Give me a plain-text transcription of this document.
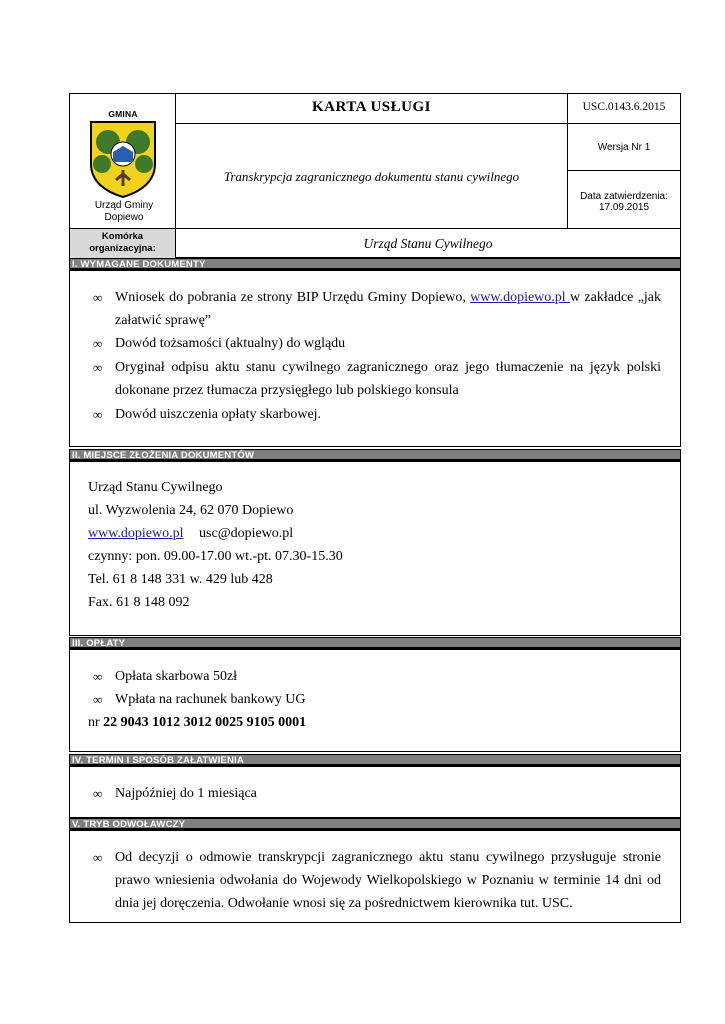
GMINA
Urząd Gminy Dopiewo
KARTA USŁUGI	USC.0143.6.2015
Transkrypcja zagranicznego dokumentu stanu cywilnego
Wersja Nr 1
Data zatwierdzenia:
17.09.2015
Komórka organizacyjna:	Urząd Stanu Cywilnego
I. WYMAGANE DOKUMENTY
∞ Wniosek do pobrania ze strony BIP Urzędu Gminy Dopiewo, www.dopiewo.pl w zakładce „jak załatwić sprawę”
∞ Dowód tożsamości (aktualny) do wglądu
∞ Oryginał odpisu aktu stanu cywilnego zagranicznego oraz jego tłumaczenie na język polski dokonane przez tłumacza przysięgłego lub polskiego konsula
∞ Dowód uiszczenia opłaty skarbowej.
II. MIEJSCE ZŁOŻENIA DOKUMENTÓW
Urząd Stanu Cywilnego
ul. Wyzwolenia 24, 62 070 Dopiewo
www.dopiewo.pl usc@dopiewo.pl
czynny: pon. 09.00-17.00 wt.-pt. 07.30-15.30
Tel. 61 8 148 331 w. 429 lub 428
Fax. 61 8 148 092
III. OPŁATY
∞ Opłata skarbowa 50zł
∞ Wpłata na rachunek bankowy UG
nr 22 9043 1012 3012 0025 9105 0001
IV. TERMIN I SPOSÓB ZAŁATWIENIA
∞ Najpóźniej do 1 miesiąca
V. TRYB ODWOŁAWCZY
∞ Od decyzji o odmowie transkrypcji zagranicznego aktu stanu cywilnego przysługuje stronie prawo wniesienia odwołania do Wojewody Wielkopolskiego w Poznaniu w terminie 14 dni od dnia jej doręczenia. Odwołanie wnosi się za pośrednictwem kierownika tut. USC.
